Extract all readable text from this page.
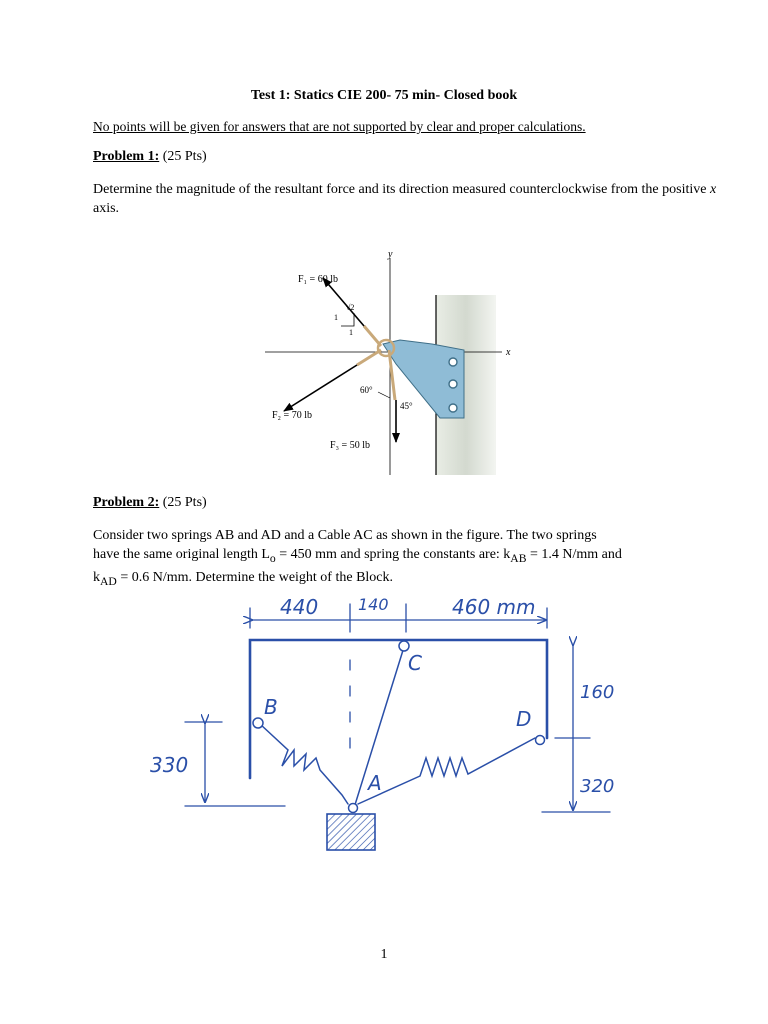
Test 1: Statics CIE 200- 75 min- Closed book
No points will be given for answers that are not supported by clear and proper calculations.
Problem 1: (25 Pts)
Determine the magnitude of the resultant force and its direction measured counterclockwise from the positive x axis.
y
x
√2
1
1
60°
45°
F₁ = 60 lb
F₂ = 70 lb
F₃ = 50 lb
Problem 2: (25 Pts)
Consider two springs AB and AD and a Cable AC as shown in the figure. The two springs
have the same original length $L_o = 450$ mm and spring the constants are: $k_{AB} = 1.4$ N/mm and
$k_{AD} = 0.6$ N/mm. Determine the weight of the Block.
440 140	460 mm
160
320
330
B
C
D
A
1
